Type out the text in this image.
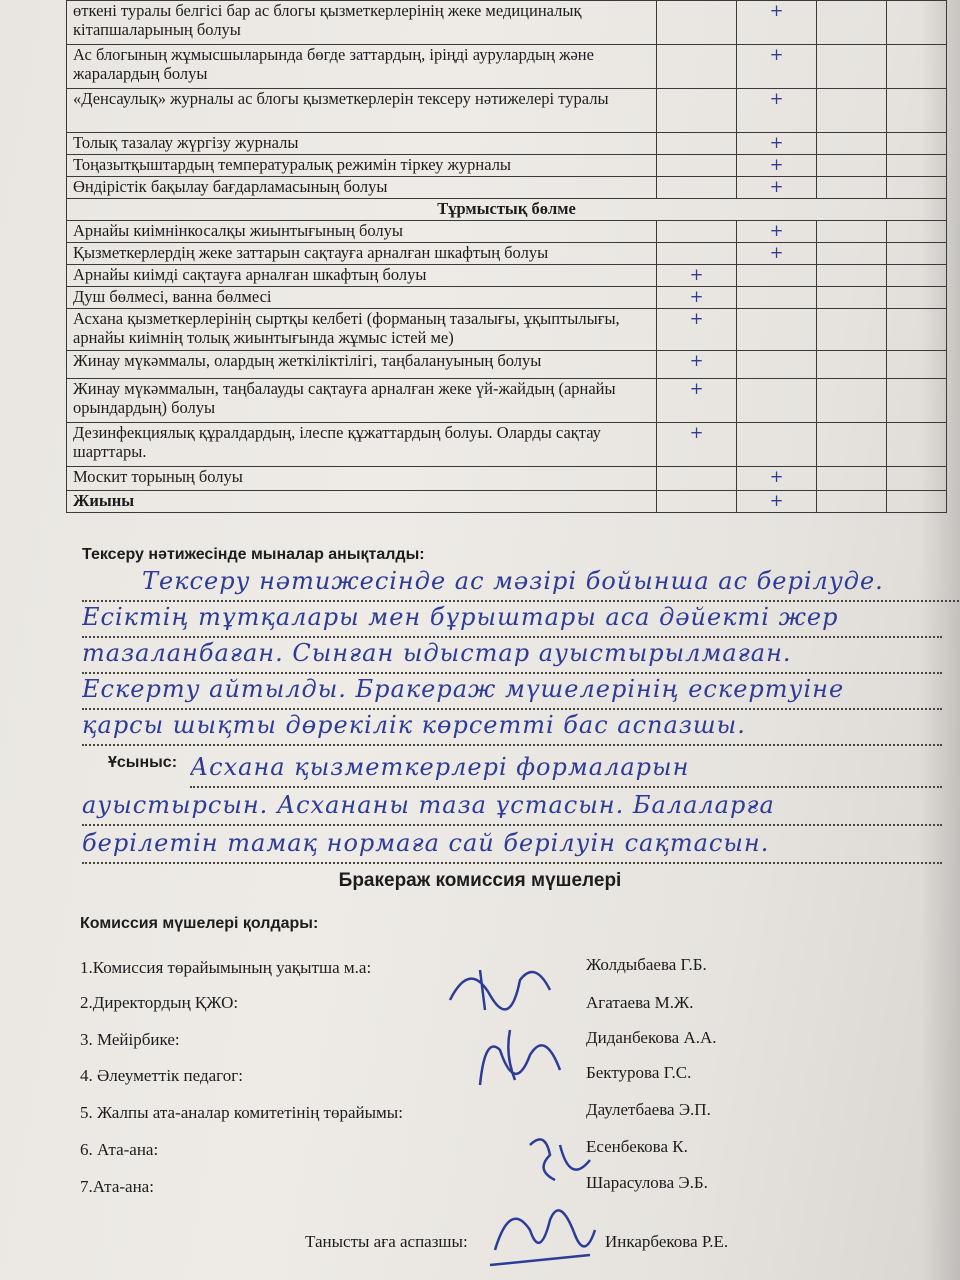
өткені туралы белгісі бар ас блогы қызметкерлерінің жеке медициналық кітапшаларының болуы		+		
Ас блогының жұмысшыларында бөгде заттардың, іріңді аурулардың және жаралардың болуы		+		
«Денсаулық» журналы ас блогы қызметкерлерін тексеру нәтижелері туралы		+		
Толық тазалау жүргізу журналы		+		
Тоңазытқыштардың температуралық режимін тіркеу журналы		+		
Өндірістік бақылау бағдарламасының болуы		+		
Тұрмыстық бөлме				
Арнайы киімнінкосалқы жиынтығының болуы		+		
Қызметкерлердің жеке заттарын сақтауға арналған шкафтың болуы		+		
Арнайы киімді сақтауға арналған шкафтың болуы	+			
Душ бөлмесі, ванна бөлмесі	+			
Асхана қызметкерлерінің сыртқы келбеті (форманың тазалығы, ұқыптылығы, арнайы киімнің толық жиынтығында жұмыс істей ме)	+			
Жинау мүкәммалы, олардың жеткіліктілігі, таңбалануының болуы	+			
Жинау мүкәммалын, таңбалауды сақтауға арналған жеке үй-жайдың (арнайы орындардың) болуы	+			
Дезинфекциялық құралдардың, ілеспе құжаттардың болуы. Оларды сақтау шарттары.	+			
Москит торының болуы		+		
Жиыны		+		
Тексеру нәтижесінде мыналар анықталды:
Тексеру нәтижесінде ас мәзірі бойынша ас берілуде.
Есіктің тұтқалары мен бұрыштары аса дәйекті жер
тазаланбаған. Сынған ыдыстар ауыстырылмаған.
Ескерту айтылды. Бракераж мүшелерінің ескертуіне
қарсы шықты дөрекілік көрсетті бас аспазшы.
Ұсыныс: Асхана қызметкерлері формаларын
ауыстырсын. Асхананы таза ұстасын. Балаларға
берілетін тамақ нормаға сай берілуін сақтасын.
Бракераж комиссия мүшелері
Комисcия мүшелері қолдары:
1.Комиссия төрайымының уақытша м.а:	Жолдыбаева Г.Б.
2.Директордың ҚЖО:	Агатаева М.Ж.
3. Мейірбике:	Диданбекова А.А.
4. Әлеуметтік педагог:	Бектурова Г.С.
5. Жалпы ата-аналар комитетінің төрайымы:	Даулетбаева Э.П.
6. Ата-ана:	Есенбекова К.
7.Ата-ана:	Шарасулова Э.Б.
Танысты аға аспазшы:	Инкарбекова Р.Е.
